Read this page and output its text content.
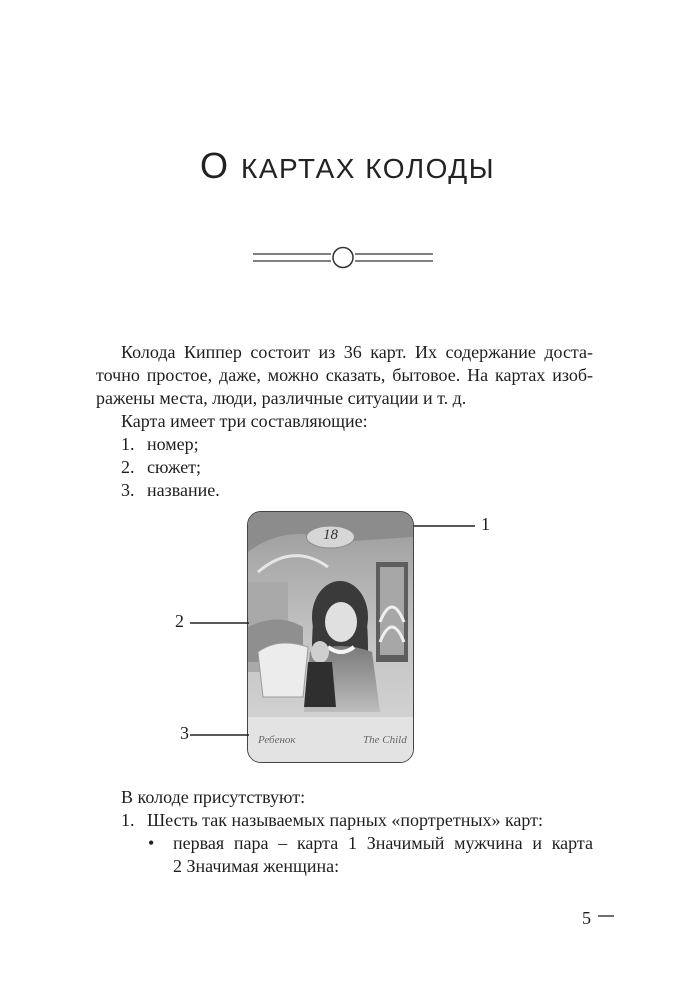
О КАРТАХ КОЛОДЫ
Колода Киппер состоит из 36 карт. Их содержание доста-
точно простое, даже, можно сказать, бытовое. На картах изоб-
ражены места, люди, различные ситуации и т. д.
Карта имеет три составляющие:
1. номер;
2. сюжет;
3. название.
18
Ребенок	The Child
1
2
3
В колоде присутствуют:
1. Шесть так называемых парных «портретных» карт:
• первая пара – карта 1 Значимый мужчина и карта
2 Значимая женщина:
5
